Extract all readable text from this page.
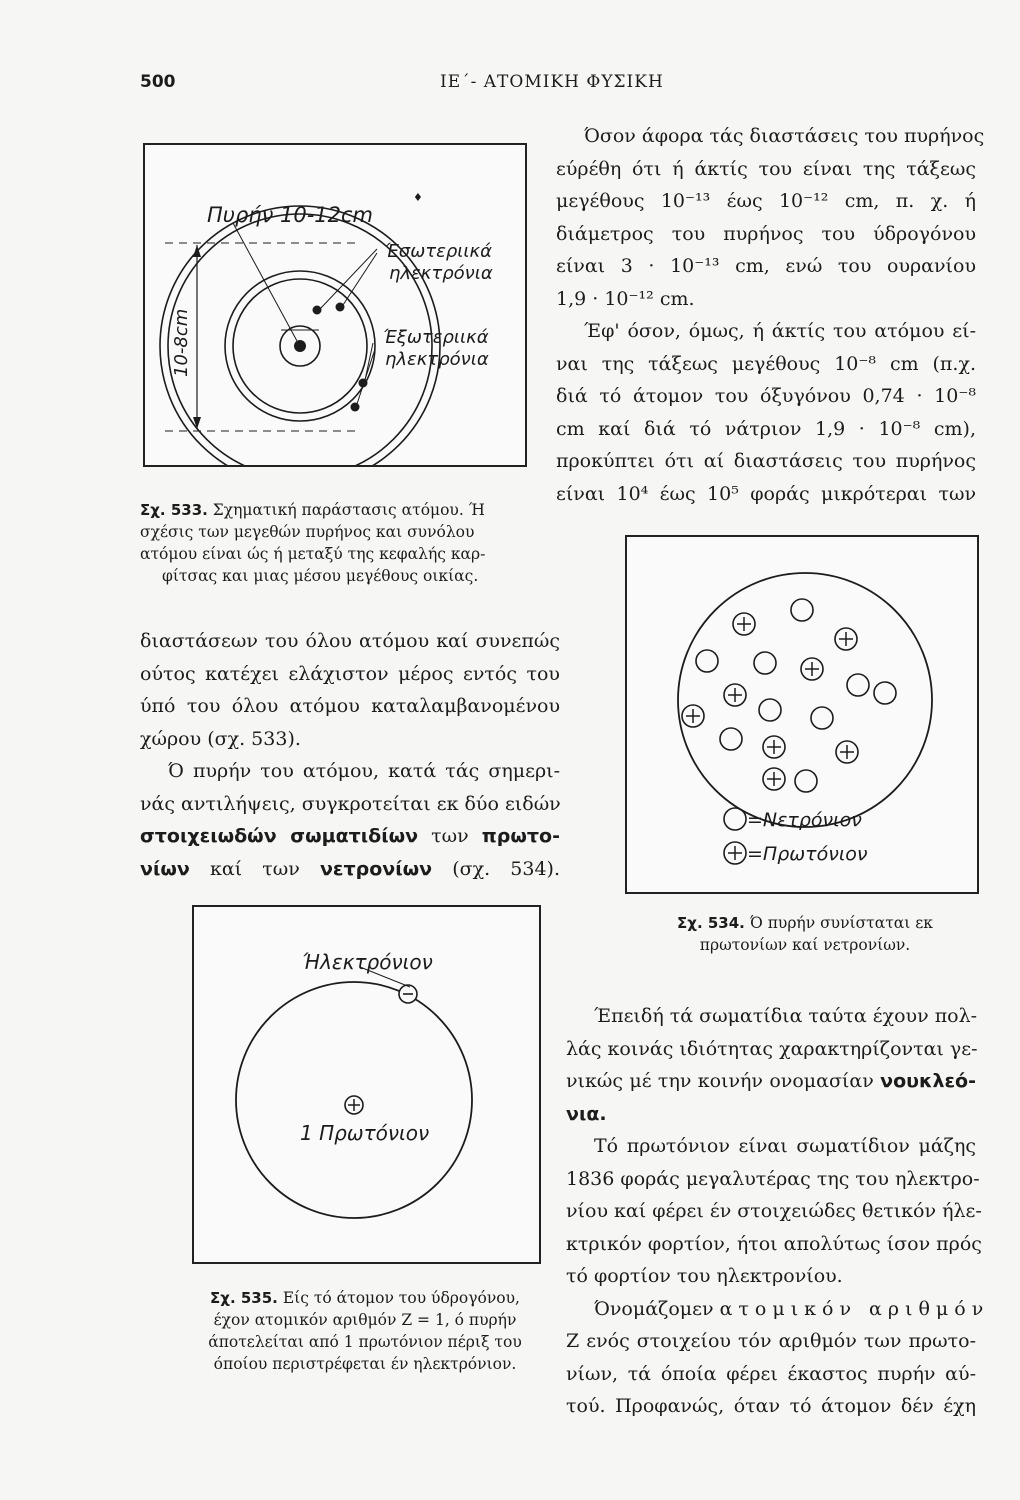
500	ΙΕ΄- ΑΤΟΜΙΚΗ ΦΥΣΙΚΗ
Πυρήν 10-12cm
♦
Έσωτεριικά
ηλεκτρόνια
Έξωτεριικά
ηλεκτρόνια
10-8cm
Σχ. 533. Σχηματική παράστασις ατόμου. Ή
σχέσις των μεγεθών πυρήνος και συνόλου
ατόμου είναι ώς ή μεταξύ της κεφαλής καρ-
φίτσας και μιας μέσου μεγέθους οικίας.
Όσον άφορα τάς διαστάσεις του πυρήνος
εύρέθη ότι ή άκτίς του είναι της τάξεως
μεγέθους 10⁻¹³ έως 10⁻¹² cm, π. χ. ή
διάμετρος του πυρήνος του ύδρογόνου
είναι 3 · 10⁻¹³ cm, ενώ του ουρανίου
1,9 · 10⁻¹² cm.
Έφ' όσον, όμως, ή άκτίς του ατόμου εί-
ναι της τάξεως μεγέθους 10⁻⁸ cm (π.χ.
διά τό άτομον του όξυγόνου 0,74 · 10⁻⁸
cm καί διά τό νάτριον 1,9 · 10⁻⁸ cm),
προκύπτει ότι αί διαστάσεις του πυρήνος
είναι 10⁴ έως 10⁵ φοράς μικρότεραι των
διαστάσεων του όλου ατόμου καί συνεπώς
ούτος κατέχει ελάχιστον μέρος εντός του
ύπό του όλου ατόμου καταλαμβανομένου
χώρου (σχ. 533).
Ό πυρήν του ατόμου, κατά τάς σημερι-
νάς αντιλήψεις, συγκροτείται εκ δύο ειδών
στοιχειωδών σωματιδίων των πρωτο-
νίων καί των νετρονίων (σχ. 534).
=Νετρόνιον
=Πρωτόνιον
Σχ. 534. Ό πυρήν συνίσταται εκ
πρωτονίων καί νετρονίων.
Ήλεκτρόνιον
1 Πρωτόνιον
Σχ. 535. Είς τό άτομον του ύδρογόνου,
έχον ατομικόν αριθμόν Ζ = 1, ό πυρήν
άποτελείται από 1 πρωτόνιον πέριξ του
όποίου περιστρέφεται έν ηλεκτρόνιον.
Έπειδή τά σωματίδια ταύτα έχουν πολ-
λάς κοινάς ιδιότητας χαρακτηρίζονται γε-
νικώς μέ την κοινήν ονομασίαν νουκλεό-
νια.
Τό πρωτόνιον είναι σωματίδιον μάζης
1836 φοράς μεγαλυτέρας της του ηλεκτρο-
νίου καί φέρει έν στοιχειώδες θετικόν ήλε-
κτρικόν φορτίον, ήτοι απολύτως ίσον πρός
τό φορτίον του ηλεκτρονίου.
Όνομάζομεν ατομικόν αριθμόν
Ζ ενός στοιχείου τόν αριθμόν των πρωτο-
νίων, τά όποία φέρει έκαστος πυρήν αύ-
τού. Προφανώς, όταν τό άτομον δέν έχη
